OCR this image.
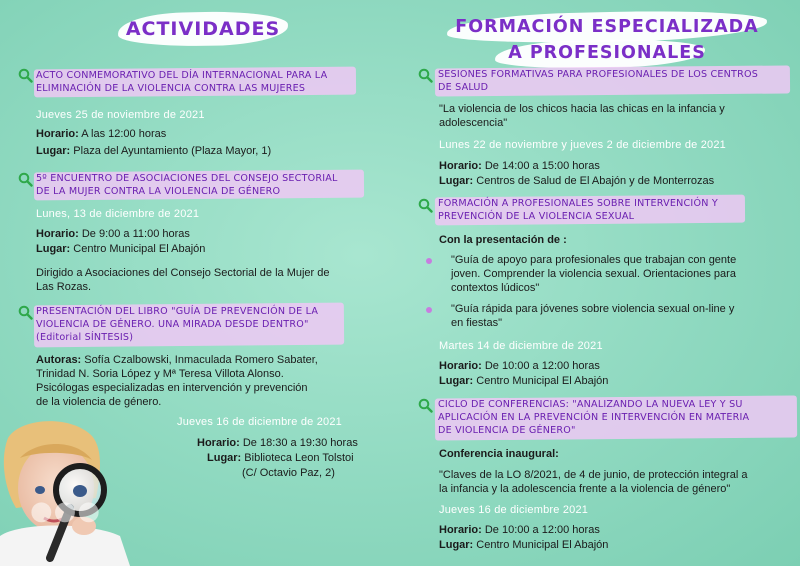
ACTIVIDADES
ACTO CONMEMORATIVO DEL DÍA INTERNACIONAL PARA LA
ELIMINACIÓN DE LA VIOLENCIA CONTRA LAS MUJERES
Jueves 25 de noviembre de 2021
Horario: A las 12:00 horas
Lugar: Plaza del Ayuntamiento (Plaza Mayor, 1)
5º ENCUENTRO DE ASOCIACIONES DEL CONSEJO SECTORIAL
DE LA MUJER CONTRA LA VIOLENCIA DE GÉNERO
Lunes, 13 de diciembre de 2021
Horario: De 9:00 a 11:00 horas
Lugar: Centro Municipal El Abajón
Dirigido a Asociaciones del Consejo Sectorial de la Mujer de
Las Rozas.
PRESENTACIÓN DEL LIBRO "GUÍA DE PREVENCIÓN DE LA
VIOLENCIA DE GÉNERO. UNA MIRADA DESDE DENTRO"
(Editorial SÍNTESIS)
Autoras: Sofía Czalbowski, Inmaculada Romero Sabater,
Trinidad N. Soria López y Mª Teresa Villota Alonso.
Psicólogas especializadas en intervención y prevención
de la violencia de género.
Jueves 16 de diciembre de 2021
Horario: De 18:30 a 19:30 horas
Lugar: Biblioteca Leon Tolstoi
(C/ Octavio Paz, 2)
●●●
FORMACIÓN ESPECIALIZADA
A PROFESIONALES
SESIONES FORMATIVAS PARA PROFESIONALES DE LOS CENTROS
DE SALUD
"La violencia de los chicos hacia las chicas en la infancia y
adolescencia"
Lunes 22 de noviembre y jueves 2 de diciembre de 2021
Horario: De 14:00 a 15:00 horas
Lugar: Centros de Salud de El Abajón y de Monterrozas
FORMACIÓN A PROFESIONALES SOBRE INTERVENCIÓN Y
PREVENCIÓN DE LA VIOLENCIA SEXUAL
Con la presentación de :
"Guía de apoyo para profesionales que trabajan con gente
joven. Comprender la violencia sexual. Orientaciones para
contextos lúdicos"
"Guía rápida para jóvenes sobre violencia sexual on-line y
en fiestas"
Martes 14 de diciembre de 2021
Horario: De 10:00 a 12:00 horas
Lugar: Centro Municipal El Abajón
CICLO DE CONFERENCIAS: "ANALIZANDO LA NUEVA LEY Y SU
APLICACIÓN EN LA PREVENCIÓN E INTERVENCIÓN EN MATERIA
DE VIOLENCIA DE GÉNERO"
Conferencia inaugural:
"Claves de la LO 8/2021, de 4 de junio, de protección integral a
la infancia y la adolescencia frente a la violencia de género"
Jueves 16 de diciembre 2021
Horario: De 10:00 a 12:00 horas
Lugar: Centro Municipal El Abajón
